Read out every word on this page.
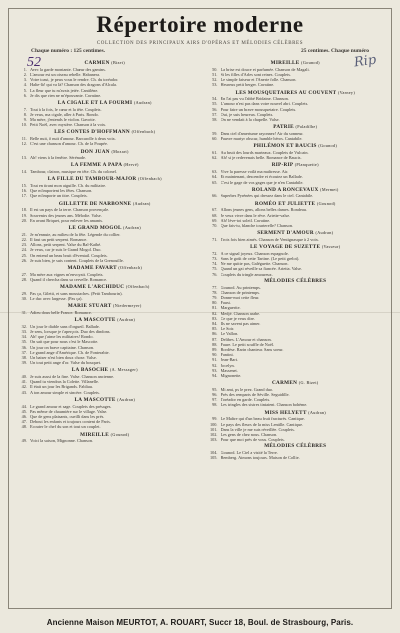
Répertoire moderne
COLLECTION DES PRINCIPAUX AIRS D'OPÉRAS ET MÉLODIES CÉLÈBRES
Chaque numéro : 125 centimes.	25 centimes. Chaque numéro
52	Rip
CARMEN (Bizet)
1. Avec la garde montante. Chœur des gamins.
2. L'amour est un oiseau rebelle. Habanera.
3. Votre toast, je peux vous le rendre. Ch. du toréador.
4. Halte-là! qui va là? Chanson des dragons d'Alcala.
5. La fleur que tu m'avais jetée. Cantilène.
6. Je dis que rien ne m'épouvante. Cavatine.
LA CIGALE ET LA FOURMI (Audran)
7. Tout à la fois, le cœur et la tête. Couplets.
8. Je veux, ma cigale, aller à Paris. Rondo.
9. Ma mère, j'entends le violon. Gavotte.
10. Petit Noël, avec mystère. Chanson à la voix.
LES CONTES D'HOFFMANN (Offenbach)
11. Belle nuit, ô nuit d'amour. Barcarolle à deux voix.
12. C'est une chanson d'amour. Ch. de la Poupée.
DON JUAN (Mozart)
13. Ah! viens à la fenêtre. Sérénade.
LA FEMME A PAPA (Hervé)
14. Tambour, clairon, musique en tête. Ch. du colonel.
LA FILLE DU TAMBOUR-MAJOR (Offenbach)
15. Tout en tirant mon aiguille. Ch. du militaire.
16. Que m'importent les fêtes. Chanson.
17. Que m'importe un titre. Couplets.
GILLETTE DE NARBONNE (Audran)
18. Il est un pays de la terre. Chanson provençale.
19. Souvenirs des jeunes ans. Mélodie. Valse.
20. En avant Briquet, pour enlever les amants.
LE GRAND MOGOL (Audran)
21. Je m'ennuie, au milieu de la fête. Légende du collier.
22. Il faut un petit serpent. Romance.
23. Allons, petit serpent. Valse du Bal-Kaïbé.
24. Je veux, car je suis le Grand Mogol. Duo.
25. On entend un beau bruit d'éventail. Couplets.
26. Je suis bien, je suis content. Couplets de la Grenouille.
MADAME FAVART (Offenbach)
27. Ma mère aux vignes m'envoyait. Couplets.
28. Quand il chercha dans sa cervelle. Romance.
MADAME L'ARCHIDUC (Offenbach)
29. Pas ça, Giletti, et sans moustaches. (Petit Tambourin).
30. Le duc avec largesse. (Pas ça).
MARIE STUART (Niedermeyer)
31. Adieu doux belle France. Romance.
LA MASCOTTE (Audran)
32. Un jour le diable sans d'orgueil. Ballade.
33. Je sens, lorsque je t'aperçois. Duo des dindons.
34. Ah! que j'aime les militaires! Rondo.
35. On sait que pour nous c'est le Mascotte.
36. Un jour on brave capitaine. Chanson.
37. Le grand ange d'Amérique. Ch. de Fonterabie.
38. Un baiser n'est bien doux chose. Valse.
39. Un tout petit ange d'or. Valse du bouquet.
LA BASOCHE (A. Messager)
40. Je suis aussi de la fine. Valse. Chanson ancienne.
41. Quand tu viendras la Colette. Villanelle.
42. Il était un jour les Brigands. Fabliau.
43. A ton amour simple et sincère. Couplets.
LA MASCOTTE (Audran)
44. Le grand amour et sage. Couplets des présages.
45. Pas même de chaumière sur le village. Valse.
46. Que de gens plaisants, cueilli dans les prés.
47. Debout les enfants et toujours content de Paris.
48. Ecouter le chef du son et tout un couplet.
MIREILLE (Gounod)
49. Voici la saison, Mignonne. Chanson.
MIREILLE (Gounod)
50. La brise est douce et parfumée. Chanson de Magali.
51. Si les filles d'Arles sont reines. Couplets.
52. Le simple faiseur et l'Anerie folle. Chanson.
53. Heureux petit berger. Cavatine.
LES MOUSQUETAIRES AU COUVENT (Varney)
54. En l'ai pas vu l'abbé Bridaine. Chanson.
55. L'amour n'est pas dans votre nouvel abri. Couplets.
56. Pour faire un brave mousquetaire. Couplets.
57. Oui, je suis heureux. Couplets.
58. On ne vendait à la chapelle. Valse.
PATRIE (Paladilhe)
59. Dans ciel d'amertume rayonnez! Air du sonneur.
60. Pauvre martyr obscur, humble héros. Cantabile.
PHILÉMON ET BAUCIS (Gounod)
61. Au bruit des lourds marteaux. Couplets de Vulcain.
62. Ah! si je redevenais belle. Romance de Baucis.
RIP-RIP (Planquette)
63. Vive la paresse voilà ma maîtresse. Air.
64. Et maintenant, descendre et écoutez un Ballade.
65. C'est le gage de vos gages que je n'en Cantabile.
ROLAND A RONCEVAUX (Mermet)
66. Superbes Pyrénées qui dressez dans le ciel. Cantabile.
ROMÉO ET JULIETTE (Gounod)
67. Allons jeunes gens, allons belles dames. Rondeau.
68. Je veux vivre dans le rêve. Ariette-valse.
69. Ah! lève-toi soleil. Cavatine.
70. Que fais-tu, blanche tourterelle? Chanson.
SERMENT D'AMOUR (Audran)
71. Trois fois bien aimés. Chanson de Ventignasque à 2 voix.
LE VOYAGE DE SUZETTE (Vasseur)
72. A ce signal joyeux. Chanson espagnole.
73. Sans le goût de cette Tartine. (Le petit grelot).
74. Ne me quitte pas, Galéguette. Chanson.
75. Quand un gai réveille sa fiancée. Arietta. Valse.
76. Couplets du tringle amoureux.
MÉLODIES CÉLÈBRES
77. Gounod. Au printemps.
78. Chanson de printemps.
79. Donne-moi cette fleur.
80. Faust.
81. Marguerite.
82. Medjé. Chanson arabe.
83. Ce que je veux dire.
84. Ils ne savent pas aimer.
85. Le Soir.
86. Le Vallon.
87. Delibes. L'Amour et chanson.
88. Faure. Le petit souffle de Noël.
89. Bordèse. Rarin chanteur. Sans soeur.
90. Fantini.
91. Jean-Bart.
92. Jocelyn.
93. Massenet.
94. Mignonette.
CARMEN (G. Bizet)
95. Mi ami, ps le prez. Grand duo.
96. Près des remparts de Séville. Seguidille.
97. Toréador en garde. Couplets.
98. Les tringles des sistres tintaient. Chanson bohème.
MISS HELYETT (Audran)
99. Le Maître qui d'un beau fruit fracturés. Cantique.
100. Le pays des fleurs de la miss Lentille. Cantique.
101. Dans la ville je me suis réveillée. Couplets.
102. Les gens de chez nous. Chanson.
103. Pour que moi près de vous. Couplets.
MÉLODIES CÉLÈBRES
104. Gounod. Le Ciel a visité la Terre.
105. Bemberg. Aimons toujours. Maison de Collie.
Ancienne Maison MEURTOT, A. ROUART, Succr 18, Boul. de Strasbourg, Paris.
